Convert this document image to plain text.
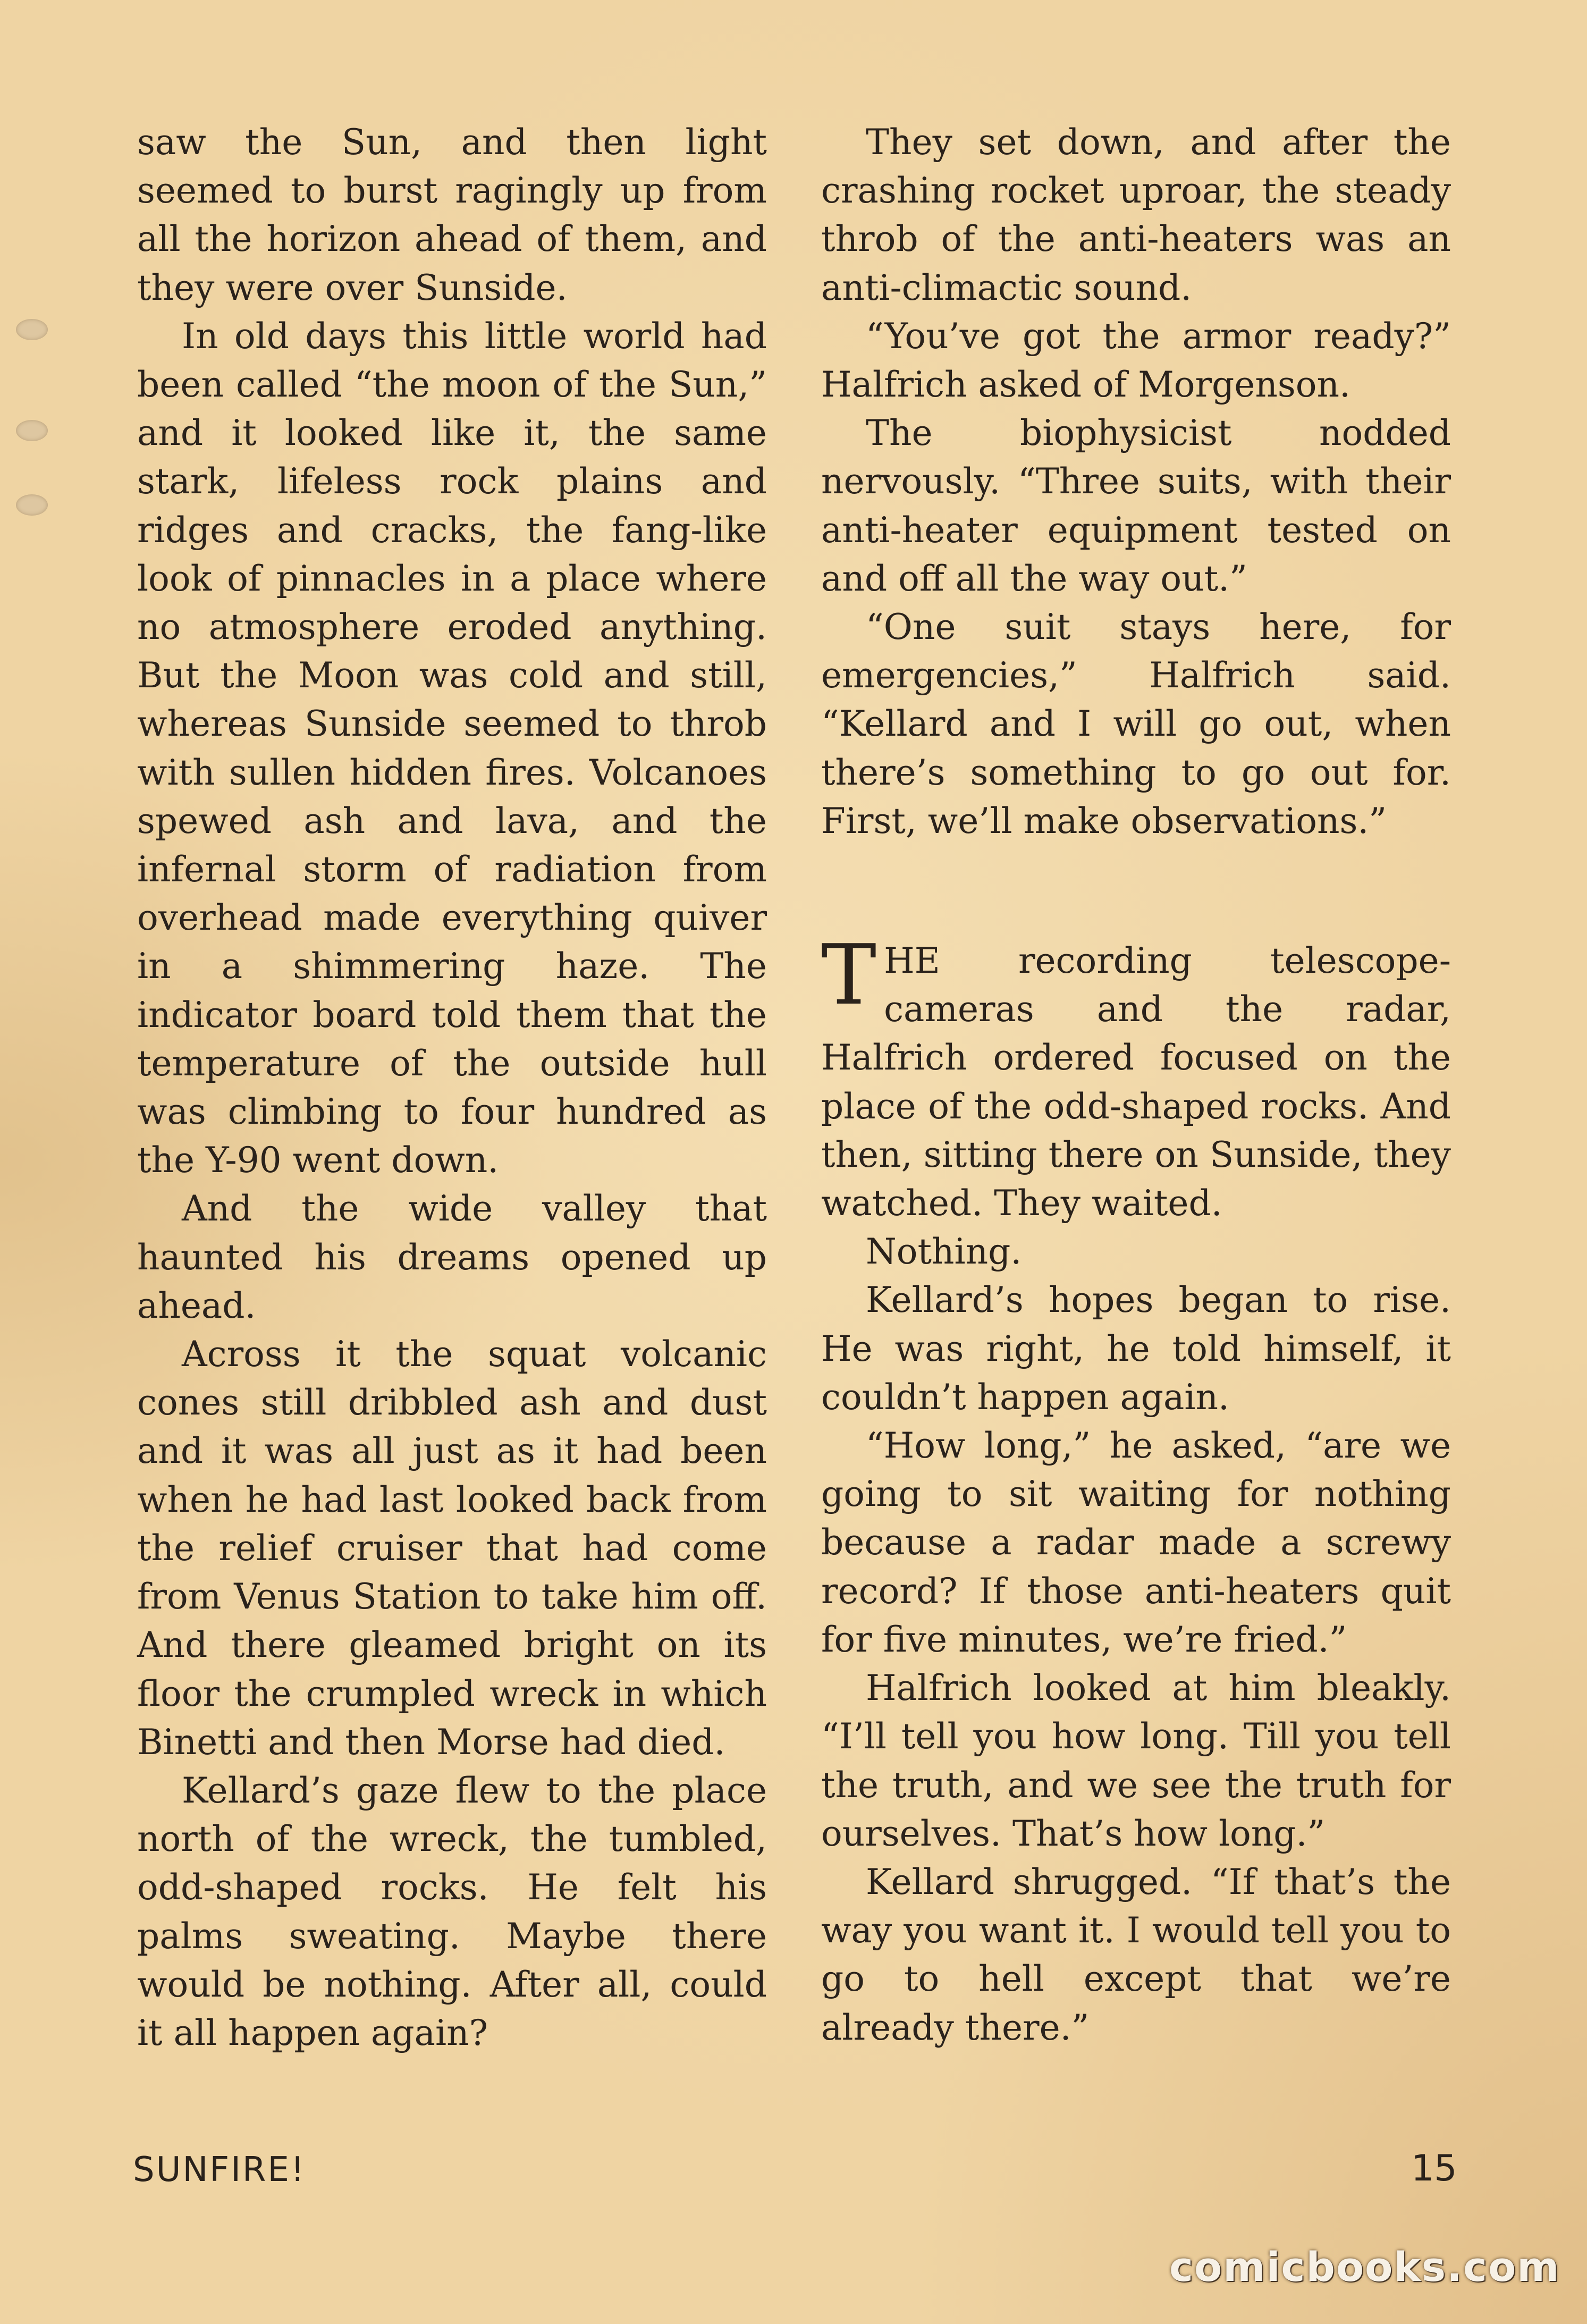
saw the Sun, and then light seemed to burst ragingly up from all the horizon ahead of them, and they were over Sunside.

In old days this little world had been called “the moon of the Sun,” and it looked like it, the same stark, lifeless rock plains and ridges and cracks, the fang-like look of pinnacles in a place where no atmosphere eroded anything. But the Moon was cold and still, whereas Sunside seemed to throb with sullen hidden fires. Volcanoes spewed ash and lava, and the infernal storm of radiation from overhead made everything quiver in a shimmering haze. The indicator board told them that the temperature of the outside hull was climbing to four hundred as the Y-90 went down.

And the wide valley that haunted his dreams opened up ahead.

Across it the squat volcanic cones still dribbled ash and dust and it was all just as it had been when he had last looked back from the relief cruiser that had come from Venus Station to take him off. And there gleamed bright on its floor the crumpled wreck in which Binetti and then Morse had died.

Kellard’s gaze flew to the place north of the wreck, the tumbled, odd-shaped rocks. He felt his palms sweating. Maybe there would be nothing. After all, could it all happen again?

They set down, and after the crashing rocket uproar, the steady throb of the anti-heaters was an anti-climactic sound.

“You’ve got the armor ready?” Halfrich asked of Morgenson.

The biophysicist nodded nervously. “Three suits, with their anti-heater equipment tested on and off all the way out.”

“One suit stays here, for emergencies,” Halfrich said. “Kellard and I will go out, when there’s something to go out for. First, we’ll make observations.”

THE recording telescope-cameras and the radar, Halfrich ordered focused on the place of the odd-shaped rocks. And then, sitting there on Sunside, they watched. They waited.

Nothing.

Kellard’s hopes began to rise. He was right, he told himself, it couldn’t happen again.

“How long,” he asked, “are we going to sit waiting for nothing because a radar made a screwy record? If those anti-heaters quit for five minutes, we’re fried.”

Halfrich looked at him bleakly. “I’ll tell you how long. Till you tell the truth, and we see the truth for ourselves. That’s how long.”

Kellard shrugged. “If that’s the way you want it. I would tell you to go to hell except that we’re already there.”

SUNFIRE!	15
comicbooks.com
